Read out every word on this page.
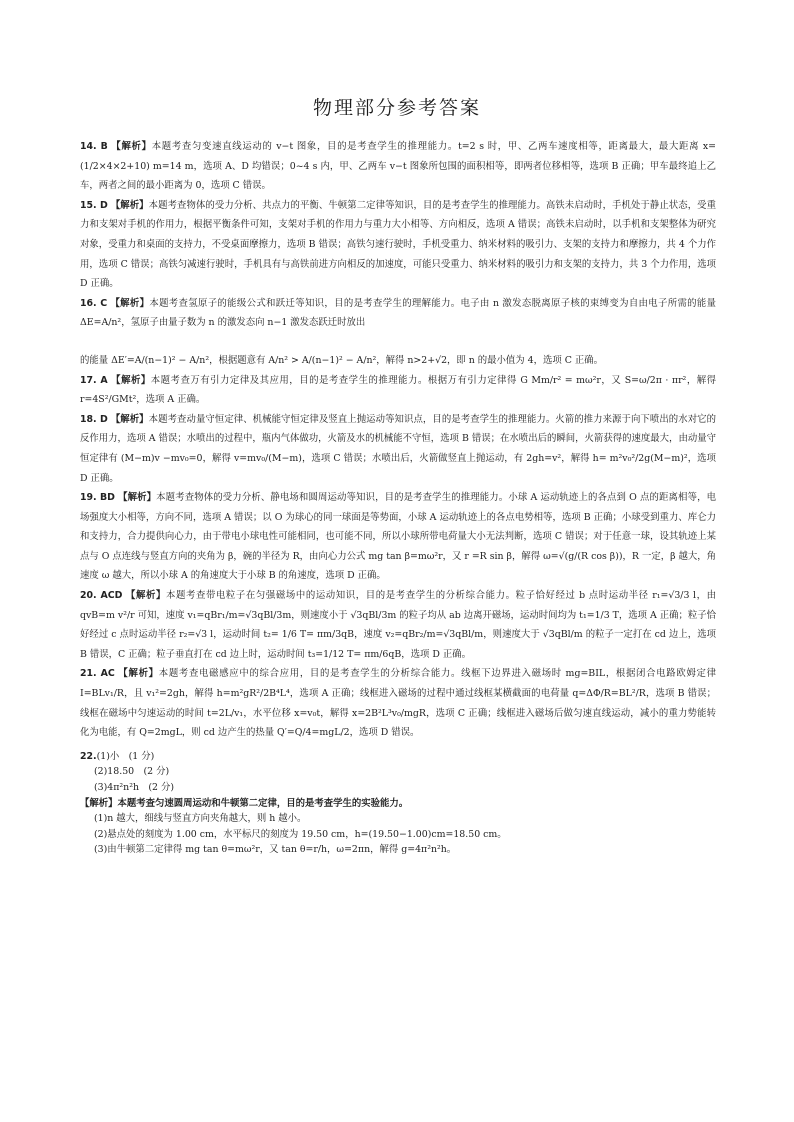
物理部分参考答案
14. B 【解析】本题考查匀变速直线运动的 v−t 图象，目的是考查学生的推理能力。t=2 s 时，甲、乙两车速度相等，距离最大，最大距离 x=(1/2×4×2+10) m=14 m，选项 A、D 均错误；0~4 s 内，甲、乙两车 v−t 图象所包围的面积相等，即两者位移相等，选项 B 正确；甲车最终追上乙车，两者之间的最小距离为 0，选项 C 错误。
15. D 【解析】本题考查物体的受力分析、共点力的平衡、牛顿第二定律等知识，目的是考查学生的推理能力。高铁未启动时，手机处于静止状态，受重力和支架对手机的作用力，根据平衡条件可知，支架对手机的作用力与重力大小相等、方向相反，选项 A 错误；高铁未启动时，以手机和支架整体为研究对象，受重力和桌面的支持力，不受桌面摩擦力，选项 B 错误；高铁匀速行驶时，手机受重力、纳米材料的吸引力、支架的支持力和摩擦力，共 4 个力作用，选项 C 错误；高铁匀减速行驶时，手机具有与高铁前进方向相反的加速度，可能只受重力、纳米材料的吸引力和支架的支持力，共 3 个力作用，选项 D 正确。
16. C 【解析】本题考查氢原子的能级公式和跃迁等知识，目的是考查学生的理解能力。电子由 n 激发态脱离原子核的束缚变为自由电子所需的能量 ΔE=A/n²，氢原子由量子数为 n 的激发态向 n−1 激发态跃迁时放出
的能量 ΔE′=A/(n−1)² − A/n²，根据题意有 A/n² > A/(n−1)² − A/n²，解得 n>2+√2，即 n 的最小值为 4，选项 C 正确。
17. A 【解析】本题考查万有引力定律及其应用，目的是考查学生的推理能力。根据万有引力定律得 G Mm/r² = mω²r，又 S=ω/2π · πr²，解得 r=4S²/GMt²，选项 A 正确。
18. D 【解析】本题考查动量守恒定律、机械能守恒定律及竖直上抛运动等知识点，目的是考查学生的推理能力。火箭的推力来源于向下喷出的水对它的反作用力，选项 A 错误；水喷出的过程中，瓶内气体做功，火箭及水的机械能不守恒，选项 B 错误；在水喷出后的瞬间，火箭获得的速度最大，由动量守恒定律有 (M−m)v −mv₀=0，解得 v=mv₀/(M−m)，选项 C 错误；水喷出后，火箭做竖直上抛运动，有 2gh=v²，解得 h= m²v₀²/2g(M−m)²，选项 D 正确。
19. BD 【解析】本题考查物体的受力分析、静电场和圆周运动等知识，目的是考查学生的推理能力。小球 A 运动轨迹上的各点到 O 点的距离相等，电场强度大小相等，方向不同，选项 A 错误；以 O 为球心的同一球面是等势面，小球 A 运动轨迹上的各点电势相等，选项 B 正确；小球受到重力、库仑力和支持力，合力提供向心力，由于带电小球电性可能相同，也可能不同，所以小球所带电荷量大小无法判断，选项 C 错误；对于任意一球，设其轨迹上某点与 O 点连线与竖直方向的夹角为 β，碗的半径为 R，由向心力公式 mg tan β=mω²r，又 r =R sin β，解得 ω=√(g/(R cos β))，R 一定，β 越大，角速度 ω 越大，所以小球 A 的角速度大于小球 B 的角速度，选项 D 正确。
20. ACD 【解析】本题考查带电粒子在匀强磁场中的运动知识，目的是考查学生的分析综合能力。粒子恰好经过 b 点时运动半径 r₁=√3/3 l，由 qvB=m v²/r 可知，速度 v₁=qBr₁/m=√3qBl/3m，则速度小于 √3qBl/3m 的粒子均从 ab 边离开磁场，运动时间均为 t₁=1/3 T，选项 A 正确；粒子恰好经过 c 点时运动半径 r₂=√3 l，运动时间 t₂= 1/6 T= πm/3qB，速度 v₂=qBr₂/m=√3qBl/m，则速度大于 √3qBl/m 的粒子一定打在 cd 边上，选项 B 错误，C 正确；粒子垂直打在 cd 边上时，运动时间 t₃=1/12 T= πm/6qB，选项 D 正确。
21. AC 【解析】本题考查电磁感应中的综合应用，目的是考查学生的分析综合能力。线框下边界进入磁场时 mg=BIL，根据闭合电路欧姆定律 I=BLv₁/R，且 v₁²=2gh，解得 h=m²gR²/2B⁴L⁴，选项 A 正确；线框进入磁场的过程中通过线框某横截面的电荷量 q=ΔΦ/R=BL²/R，选项 B 错误；线框在磁场中匀速运动的时间 t=2L/v₁，水平位移 x=v₀t，解得 x=2B²L³v₀/mgR，选项 C 正确；线框进入磁场后做匀速直线运动，减小的重力势能转化为电能，有 Q=2mgL，则 cd 边产生的热量 Q′=Q/4=mgL/2，选项 D 错误。
22.(1)小　(1 分)
(2)18.50　(2 分)
(3)4π²n²h　(2 分)
【解析】本题考查匀速圆周运动和牛顿第二定律，目的是考查学生的实验能力。
(1)n 越大，细线与竖直方向夹角越大，则 h 越小。
(2)悬点处的刻度为 1.00 cm，水平标尺的刻度为 19.50 cm，h=(19.50−1.00)cm=18.50 cm。
(3)由牛顿第二定律得 mg tan θ=mω²r，又 tan θ=r/h，ω=2πn，解得 g=4π²n²h。
